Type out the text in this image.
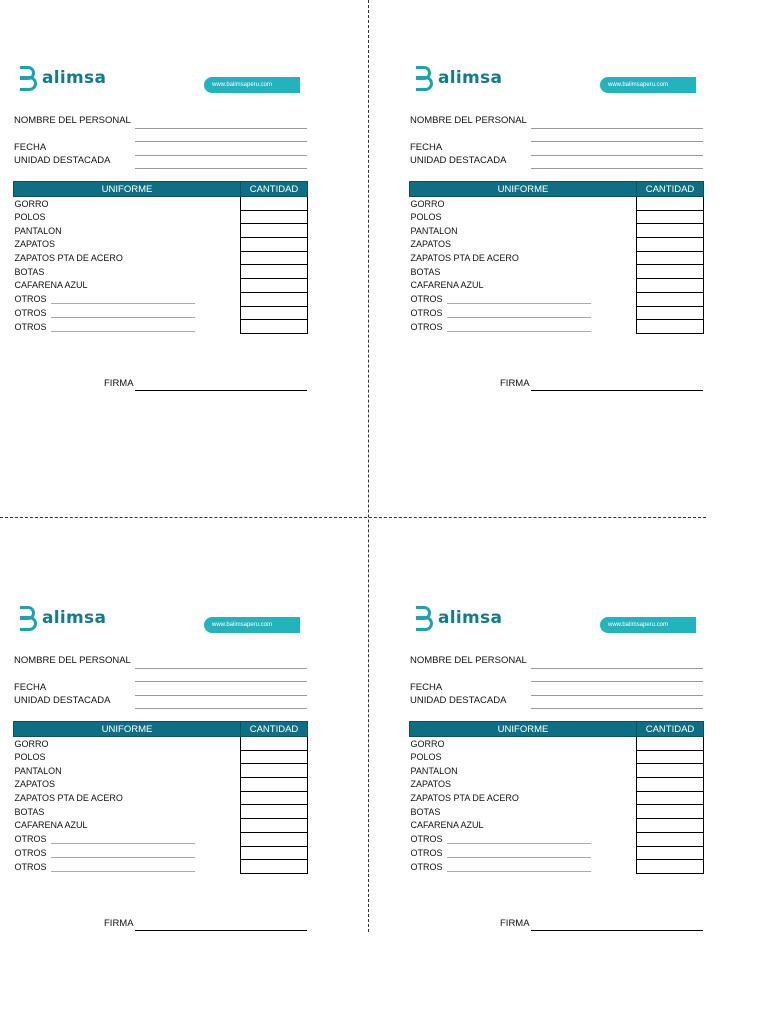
alimsa	www.balimsaperu.com
NOMBRE DEL PERSONAL
FECHA
UNIDAD DESTACADA
UNIFORME	CANTIDAD
GORRO	
POLOS	
PANTALON	
ZAPATOS	
ZAPATOS PTA DE ACERO	
BOTAS	
CAFARENA AZUL	
OTROS	
OTROS	
OTROS	
FIRMA
alimsa	www.balimsaperu.com
NOMBRE DEL PERSONAL
FECHA
UNIDAD DESTACADA
UNIFORME	CANTIDAD
GORRO	
POLOS	
PANTALON	
ZAPATOS	
ZAPATOS PTA DE ACERO	
BOTAS	
CAFARENA AZUL	
OTROS	
OTROS	
OTROS	
FIRMA
alimsa	www.balimsaperu.com
NOMBRE DEL PERSONAL
FECHA
UNIDAD DESTACADA
UNIFORME	CANTIDAD
GORRO	
POLOS	
PANTALON	
ZAPATOS	
ZAPATOS PTA DE ACERO	
BOTAS	
CAFARENA AZUL	
OTROS	
OTROS	
OTROS	
FIRMA
alimsa	www.balimsaperu.com
NOMBRE DEL PERSONAL
FECHA
UNIDAD DESTACADA
UNIFORME	CANTIDAD
GORRO	
POLOS	
PANTALON	
ZAPATOS	
ZAPATOS PTA DE ACERO	
BOTAS	
CAFARENA AZUL	
OTROS	
OTROS	
OTROS	
FIRMA
